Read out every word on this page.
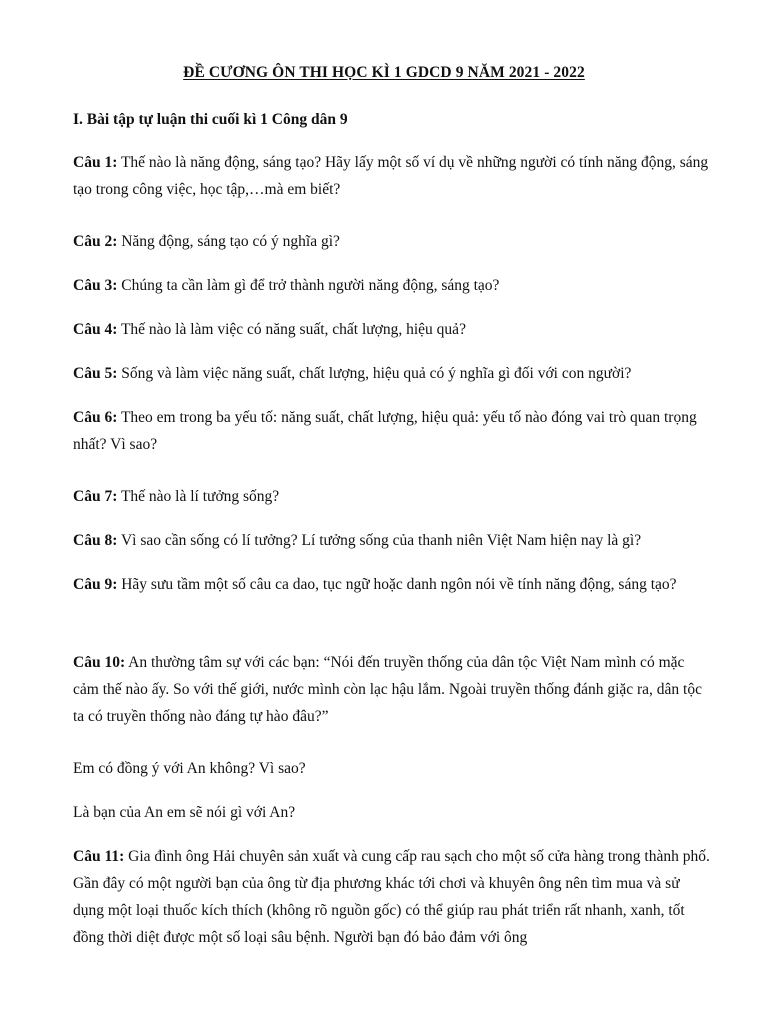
ĐỀ CƯƠNG ÔN THI HỌC KÌ 1 GDCD 9 NĂM 2021 - 2022
I. Bài tập tự luận thi cuối kì 1 Công dân 9
Câu 1: Thế nào là năng động, sáng tạo? Hãy lấy một số ví dụ về những người có tính năng động, sáng tạo trong công việc, học tập,…mà em biết?
Câu 2: Năng động, sáng tạo có ý nghĩa gì?
Câu 3: Chúng ta cần làm gì để trở thành người năng động, sáng tạo?
Câu 4: Thế nào là làm việc có năng suất, chất lượng, hiệu quả?
Câu 5: Sống và làm việc năng suất, chất lượng, hiệu quả có ý nghĩa gì đối với con người?
Câu 6: Theo em trong ba yếu tố: năng suất, chất lượng, hiệu quả: yếu tố nào đóng vai trò quan trọng nhất? Vì sao?
Câu 7: Thế nào là lí tưởng sống?
Câu 8: Vì sao cần sống có lí tưởng? Lí tưởng sống của thanh niên Việt Nam hiện nay là gì?
Câu 9: Hãy sưu tầm một số câu ca dao, tục ngữ hoặc danh ngôn nói về tính năng động, sáng tạo?
Câu 10: An thường tâm sự với các bạn: “Nói đến truyền thống của dân tộc Việt Nam mình có mặc cảm thế nào ấy. So với thế giới, nước mình còn lạc hậu lắm. Ngoài truyền thống đánh giặc ra, dân tộc ta có truyền thống nào đáng tự hào đâu?”
Em có đồng ý với An không? Vì sao?
Là bạn của An em sẽ nói gì với An?
Câu 11: Gia đình ông Hải chuyên sản xuất và cung cấp rau sạch cho một số cửa hàng trong thành phố. Gần đây có một người bạn của ông từ địa phương khác tới chơi và khuyên ông nên tìm mua và sử dụng một loại thuốc kích thích (không rõ nguồn gốc) có thể giúp rau phát triển rất nhanh, xanh, tốt đồng thời diệt được một số loại sâu bệnh. Người bạn đó bảo đảm với ông
